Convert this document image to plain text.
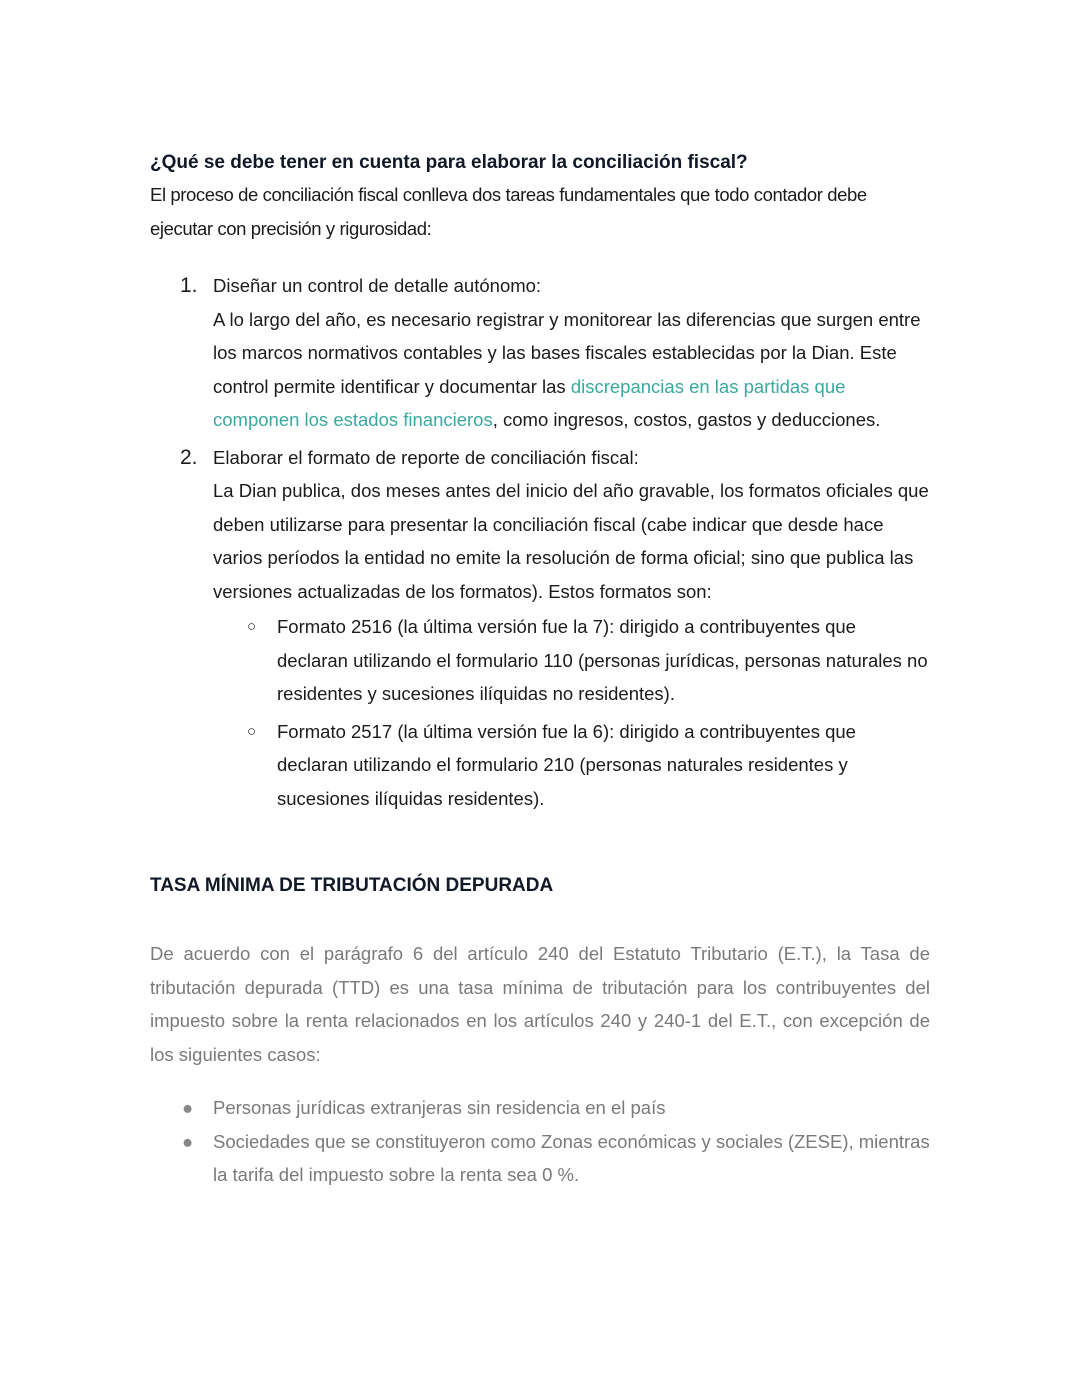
¿Qué se debe tener en cuenta para elaborar la conciliación fiscal?

El proceso de conciliación fiscal conlleva dos tareas fundamentales que todo contador debe ejecutar con precisión y rigurosidad:

1. Diseñar un control de detalle autónomo:
A lo largo del año, es necesario registrar y monitorear las diferencias que surgen entre los marcos normativos contables y las bases fiscales establecidas por la Dian. Este control permite identificar y documentar las discrepancias en las partidas que componen los estados financieros, como ingresos, costos, gastos y deducciones.
2. Elaborar el formato de reporte de conciliación fiscal:
La Dian publica, dos meses antes del inicio del año gravable, los formatos oficiales que deben utilizarse para presentar la conciliación fiscal (cabe indicar que desde hace varios períodos la entidad no emite la resolución de forma oficial; sino que publica las versiones actualizadas de los formatos). Estos formatos son:
○ Formato 2516 (la última versión fue la 7): dirigido a contribuyentes que declaran utilizando el formulario 110 (personas jurídicas, personas naturales no residentes y sucesiones ilíquidas no residentes).
○ Formato 2517 (la última versión fue la 6): dirigido a contribuyentes que declaran utilizando el formulario 210 (personas naturales residentes y sucesiones ilíquidas residentes).
TASA MÍNIMA DE TRIBUTACIÓN DEPURADA

De acuerdo con el parágrafo 6 del artículo 240 del Estatuto Tributario (E.T.), la Tasa de tributación depurada (TTD) es una tasa mínima de tributación para los contribuyentes del impuesto sobre la renta relacionados en los artículos 240 y 240-1 del E.T., con excepción de los siguientes casos:

● Personas jurídicas extranjeras sin residencia en el país
● Sociedades que se constituyeron como Zonas económicas y sociales (ZESE), mientras la tarifa del impuesto sobre la renta sea 0 %.
